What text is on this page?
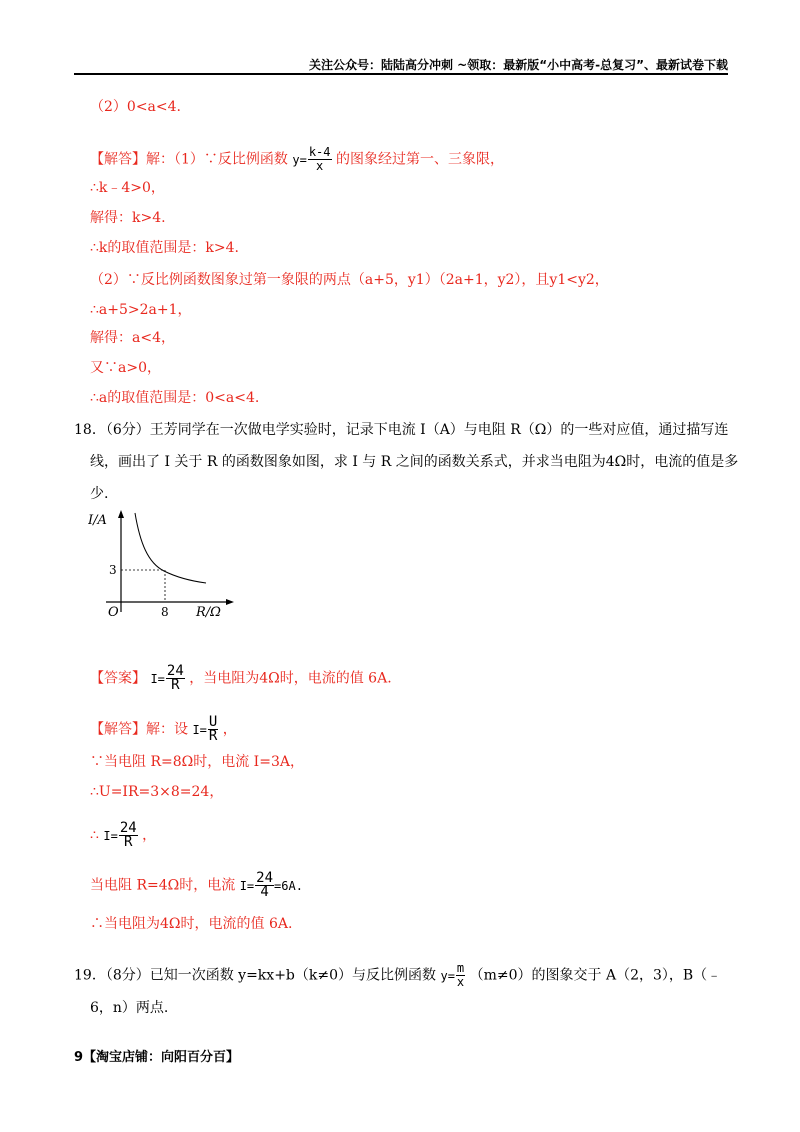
关注公众号：陆陆高分冲刺 ~领取：最新版“小中高考-总复习”、最新试卷下载
（2）0<a<4.
【解答】解：（1）∵反比例函数 $y= \frac{k-4}{x}$ 的图象经过第一、三象限，
∴k﹣4>0，
解得：k>4.
∴k的取值范围是：k>4.
（2）∵反比例函数图象过第一象限的两点（a+5，y1）（2a+1，y2），且y1<y2，
∴a+5>2a+1，
解得：a<4，
又∵a>0，
∴a的取值范围是：0<a<4.
18．（6分）王芳同学在一次做电学实验时，记录下电流 I（A）与电阻 R（Ω）的一些对应值，通过描写连
线，画出了 I 关于 R 的函数图象如图，求 I 与 R 之间的函数关系式，并求当电阻为4Ω时，电流的值是多
少.
I/A
R/Ω
O	8
3
【答案】 $I= \frac{24}{R}$ ，当电阻为4Ω时，电流的值 6A.
【解答】解：设 $I= \frac{U}{R}$ ，
∵当电阻 R=8Ω时，电流 I=3A，
∴U=IR=3×8=24，
∴ $I= \frac{24}{R}$ ，
当电阻 R=4Ω时，电流 $I= \frac{24}{4} =6A$.
∴当电阻为4Ω时，电流的值 6A.
19．（8分）已知一次函数 y=kx+b（k≠0）与反比例函数 $y= \frac{m}{x} (m\ne 0)$的图象交于 A（2，3），B（﹣
6，n）两点.
9【淘宝店铺：向阳百分百】
